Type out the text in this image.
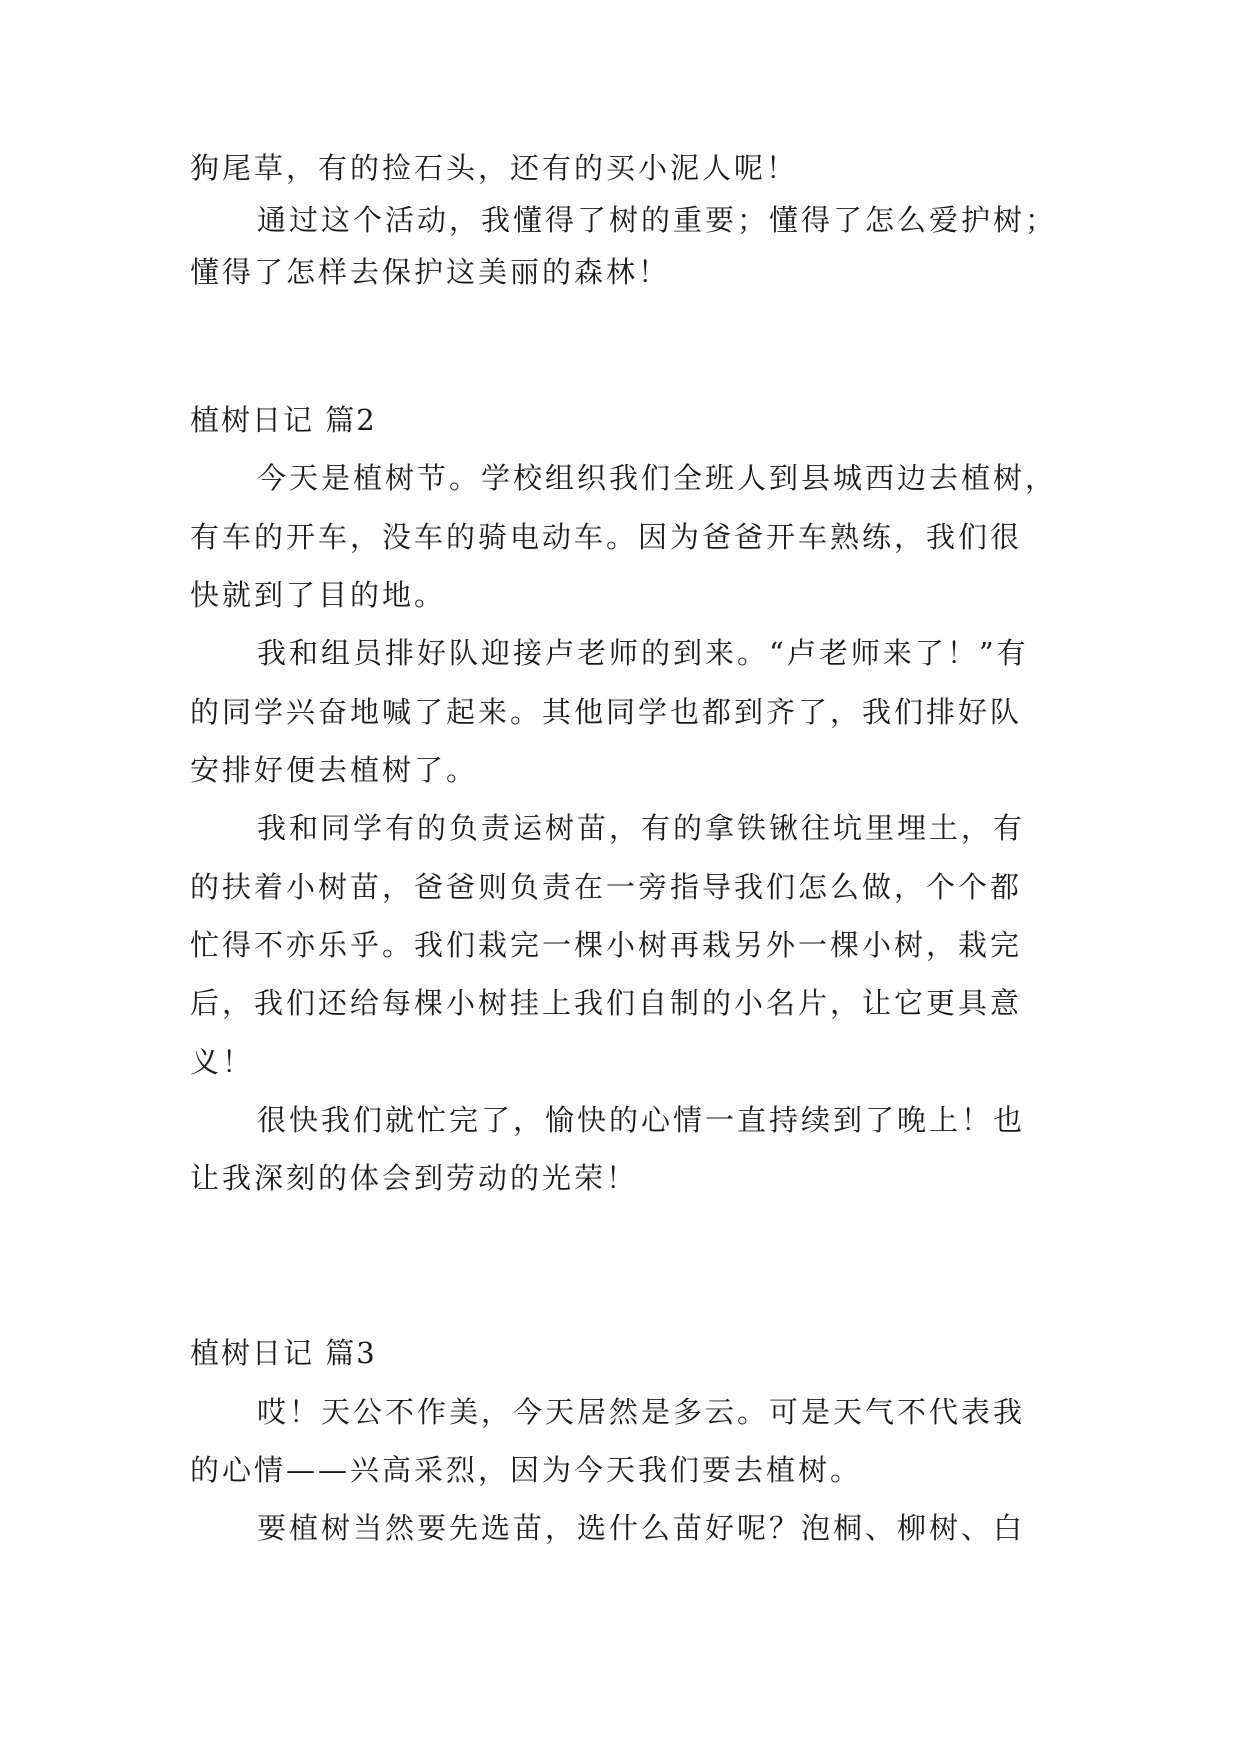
狗尾草，有的捡石头，还有的买小泥人呢！
通过这个活动，我懂得了树的重要；懂得了怎么爱护树；
懂得了怎样去保护这美丽的森林！
植树日记 篇2
今天是植树节。学校组织我们全班人到县城西边去植树，
有车的开车，没车的骑电动车。因为爸爸开车熟练，我们很
快就到了目的地。
我和组员排好队迎接卢老师的到来。“卢老师来了！”有
的同学兴奋地喊了起来。其他同学也都到齐了，我们排好队
安排好便去植树了。
我和同学有的负责运树苗，有的拿铁锹往坑里埋土，有
的扶着小树苗，爸爸则负责在一旁指导我们怎么做，个个都
忙得不亦乐乎。我们栽完一棵小树再栽另外一棵小树，栽完
后，我们还给每棵小树挂上我们自制的小名片，让它更具意
义！
很快我们就忙完了，愉快的心情一直持续到了晚上！也
让我深刻的体会到劳动的光荣！
植树日记 篇3
哎！天公不作美，今天居然是多云。可是天气不代表我
的心情——兴高采烈，因为今天我们要去植树。
要植树当然要先选苗，选什么苗好呢？泡桐、柳树、白
